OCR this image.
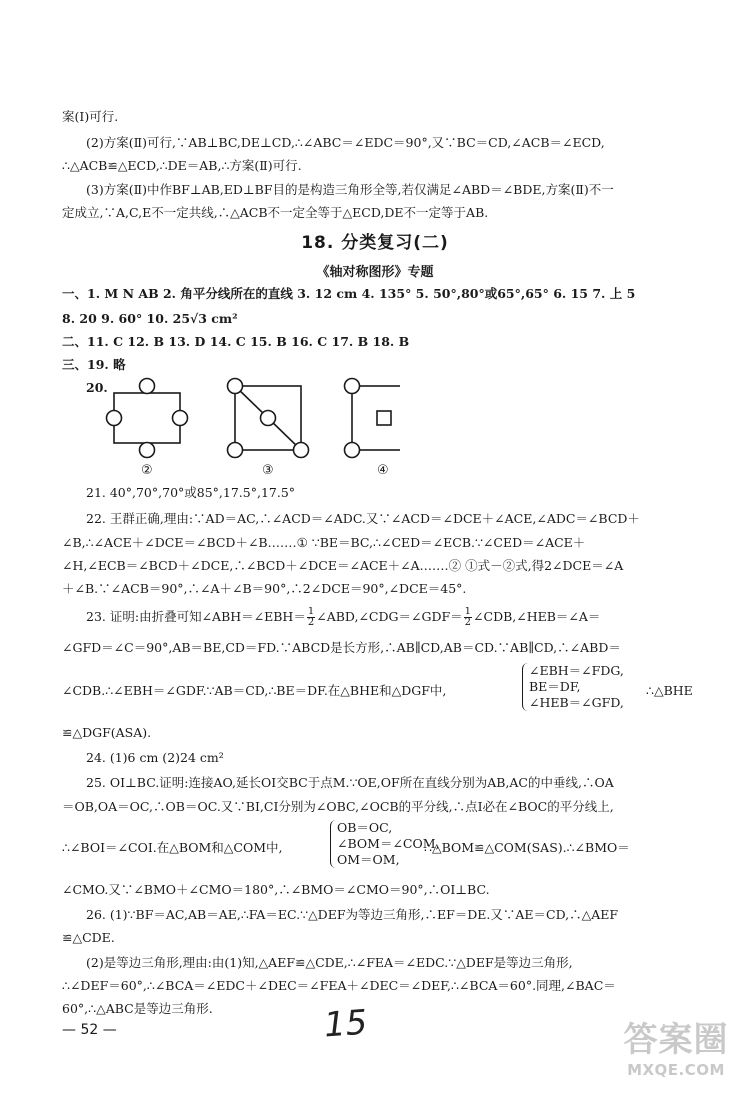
案(Ⅰ)可行.
(2)方案(Ⅱ)可行,∵AB⊥BC,DE⊥CD,∴∠ABC＝∠EDC＝90°,又∵BC＝CD,∠ACB＝∠ECD,
∴△ACB≌△ECD,∴DE＝AB,∴方案(Ⅱ)可行.
(3)方案(Ⅱ)中作BF⊥AB,ED⊥BF目的是构造三角形全等,若仅满足∠ABD＝∠BDE,方案(Ⅱ)不一
定成立,∵A,C,E不一定共线,∴△ACB不一定全等于△ECD,DE不一定等于AB.
18. 分类复习(二)
《轴对称图形》专题
一、1. M N AB 2. 角平分线所在的直线 3. 12 cm 4. 135° 5. 50°,80°或65°,65° 6. 15 7. 上 5
8. 20 9. 60° 10. 25√3 cm²
二、11. C 12. B 13. D 14. C 15. B 16. C 17. B 18. B
三、19. 略
20.
②	③	④
21. 40°,70°,70°或85°,17.5°,17.5°
22. 王群正确,理由:∵AD＝AC,∴∠ACD＝∠ADC.又∵∠ACD＝∠DCE＋∠ACE,∠ADC＝∠BCD＋
∠B,∴∠ACE＋∠DCE＝∠BCD＋∠B.……① ∵BE＝BC,∴∠CED＝∠ECB.∵∠CED＝∠ACE＋
∠H,∠ECB＝∠BCD＋∠DCE,∴∠BCD＋∠DCE＝∠ACE＋∠A.……② ①式－②式,得2∠DCE＝∠A
＋∠B.∵∠ACB＝90°,∴∠A＋∠B＝90°,∴2∠DCE＝90°,∠DCE＝45°.
23. 证明:由折叠可知∠ABH＝∠EBH＝ $\frac{1}{2}$ ∠ABD,∠CDG＝∠GDF＝ $\frac{1}{2}$ ∠CDB,∠HEB＝∠A＝
∠GFD＝∠C＝90°,AB＝BE,CD＝FD.∵ABCD是长方形,∴AB∥CD,AB＝CD.∵AB∥CD,∴∠ABD＝
∠CDB.∴∠EBH＝∠GDF.∵AB＝CD,∴BE＝DF.在△BHE和△DGF中,
∠EBH＝∠FDG,
BE＝DF,
∠HEB＝∠GFD,
∴△BHE
≌△DGF(ASA).
24. (1)6 cm (2)24 cm²
25. OI⊥BC.证明:连接AO,延长OI交BC于点M.∵OE,OF所在直线分别为AB,AC的中垂线,∴OA
＝OB,OA＝OC,∴OB＝OC.又∵BI,CI分别为∠OBC,∠OCB的平分线,∴点I必在∠BOC的平分线上,
∴∠BOI＝∠COI.在△BOM和△COM中,
OB＝OC,
∠BOM＝∠COM,
OM＝OM,
∴△BOM≌△COM(SAS).∴∠BMO＝
∠CMO.又∵∠BMO＋∠CMO＝180°,∴∠BMO＝∠CMO＝90°,∴OI⊥BC.
26. (1)∵BF＝AC,AB＝AE,∴FA＝EC.∵△DEF为等边三角形,∴EF＝DE.又∵AE＝CD,∴△AEF
≌△CDE.
(2)是等边三角形,理由:由(1)知,△AEF≌△CDE,∴∠FEA＝∠EDC.∵△DEF是等边三角形,
∴∠DEF＝60°,∴∠BCA＝∠EDC＋∠DEC＝∠FEA＋∠DEC＝∠DEF,∴∠BCA＝60°.同理,∠BAC＝
60°,∴△ABC是等边三角形.
— 52 —	15	答案圈
MXQE.COM
